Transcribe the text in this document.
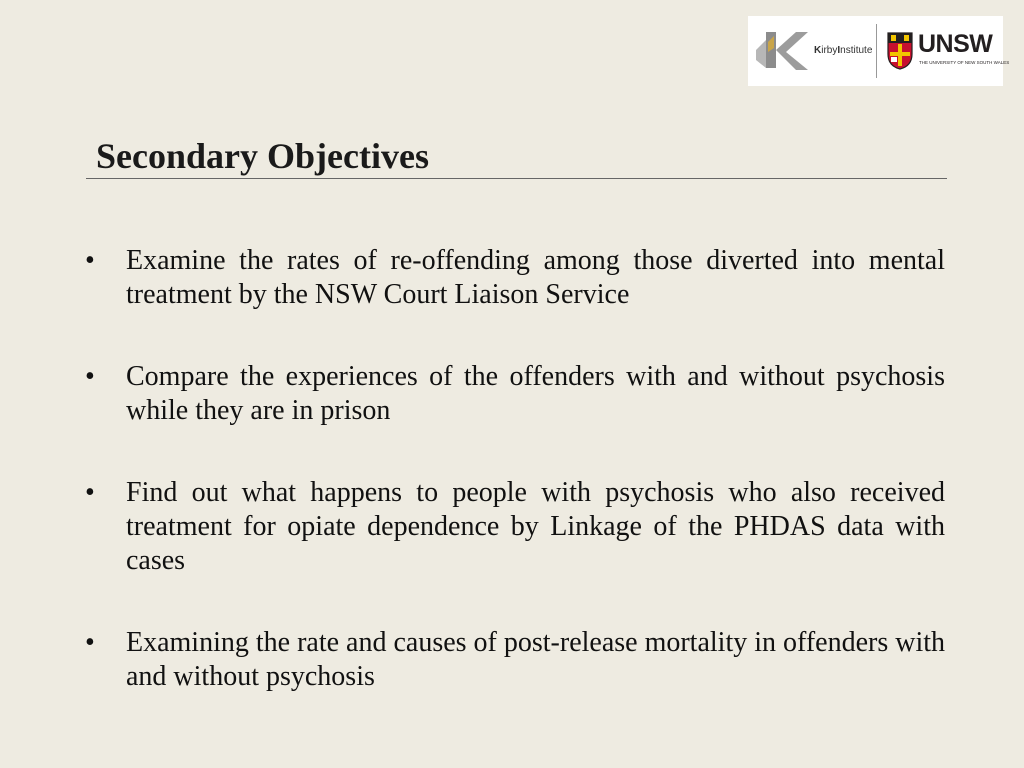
KirbyInstitute UNSW
THE UNIVERSITY OF NEW SOUTH WALES
Secondary Objectives
• Examine the rates of re-offending among those diverted into mental treatment by the NSW Court Liaison Service
• Compare the experiences of the offenders with and without psychosis while they are in prison
• Find out what happens to people with psychosis who also received treatment for opiate dependence by Linkage of the PHDAS data with cases
• Examining the rate and causes of post-release mortality in offenders with and without psychosis
